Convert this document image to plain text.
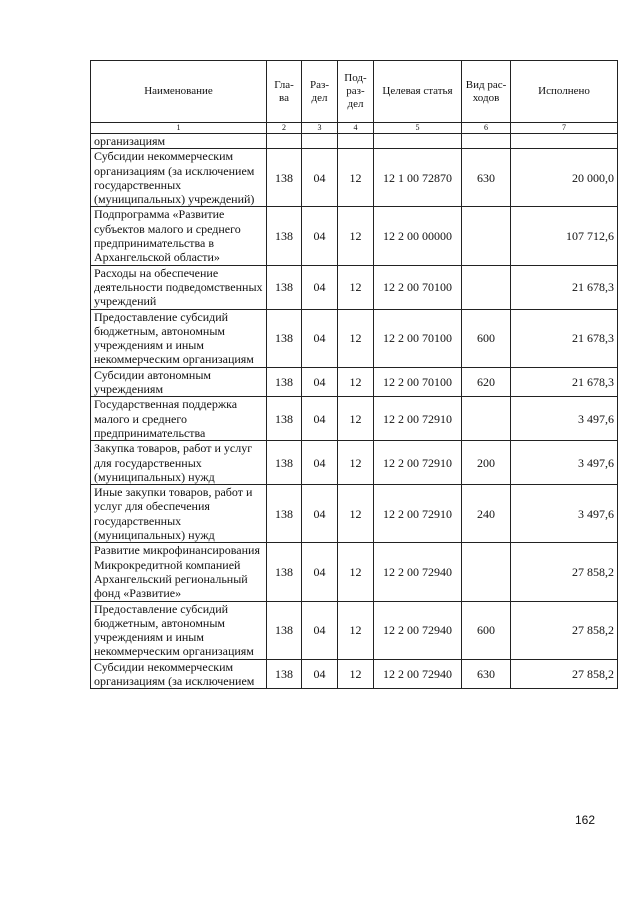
Наименование	Гла-ва	Раз-дел	Под-раз-дел	Целевая статья	Вид рас-ходов	Исполнено
1	2	3	4	5	6	7
организациям						
Субсидии некоммерческим организациям (за исключением государственных (муниципальных) учреждений)	138	04	12	12 1 00 72870	630	20 000,0
Подпрограмма «Развитие субъектов малого и среднего предпринимательства в Архангельской области»	138	04	12	12 2 00 00000		107 712,6
Расходы на обеспечение деятельности подведомственных учреждений	138	04	12	12 2 00 70100		21 678,3
Предоставление субсидий бюджетным, автономным учреждениям и иным некоммерческим организациям	138	04	12	12 2 00 70100	600	21 678,3
Субсидии автономным учреждениям	138	04	12	12 2 00 70100	620	21 678,3
Государственная поддержка малого и среднего предпринимательства	138	04	12	12 2 00 72910		3 497,6
Закупка товаров, работ и услуг для государственных (муниципальных) нужд	138	04	12	12 2 00 72910	200	3 497,6
Иные закупки товаров, работ и услуг для обеспечения государственных (муниципальных) нужд	138	04	12	12 2 00 72910	240	3 497,6
Развитие микрофинансирования Микрокредитной компанией Архангельский региональный фонд «Развитие»	138	04	12	12 2 00 72940		27 858,2
Предоставление субсидий бюджетным, автономным учреждениям и иным некоммерческим организациям	138	04	12	12 2 00 72940	600	27 858,2
Субсидии некоммерческим организациям (за исключением	138	04	12	12 2 00 72940	630	27 858,2
162
